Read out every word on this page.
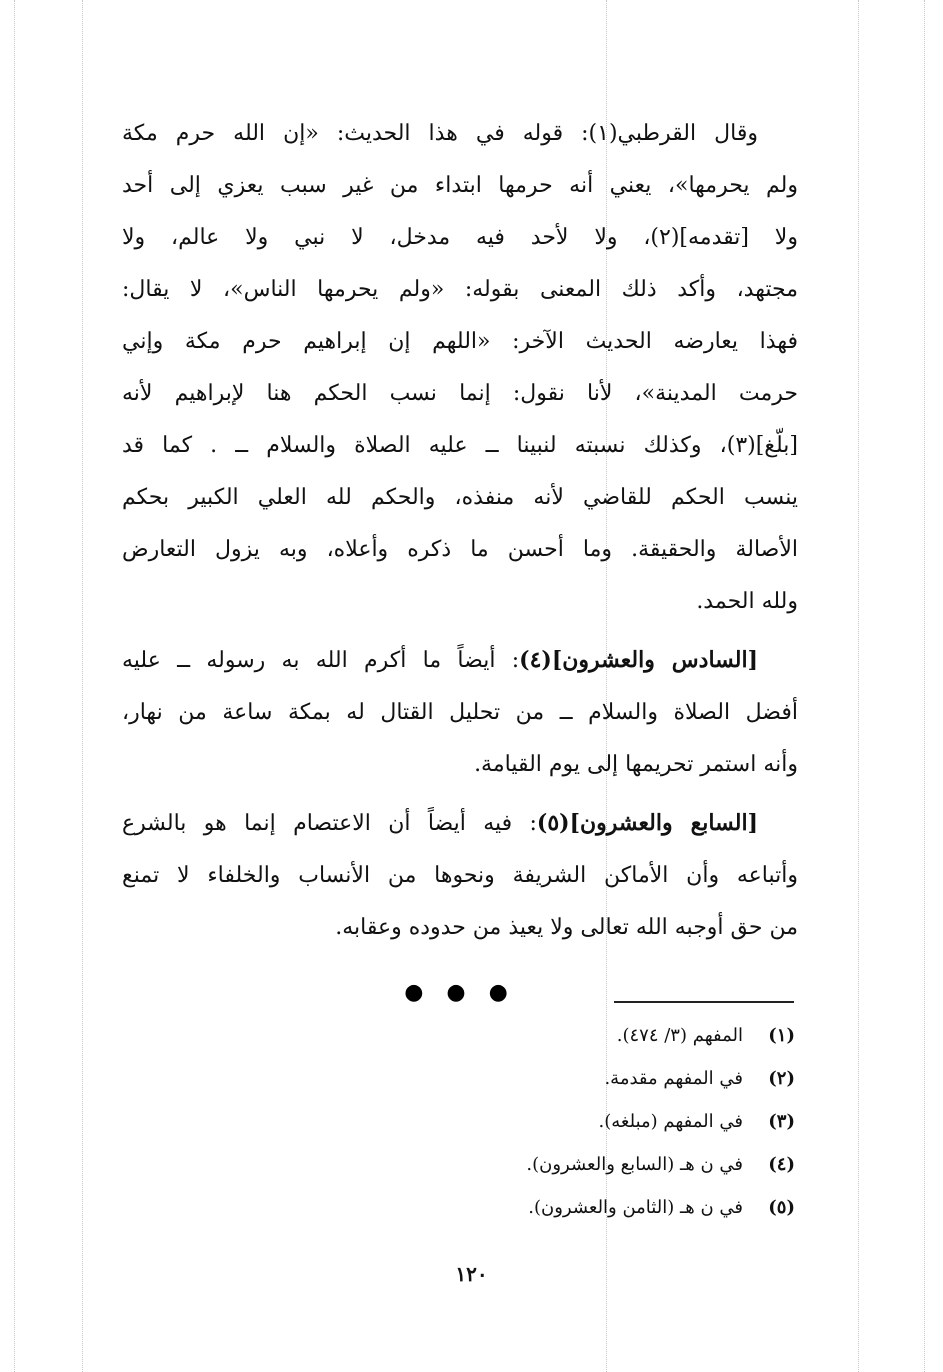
وقال القرطبي(١): قوله في هذا الحديث: «إن الله حرم مكة
ولم يحرمها»، يعني أنه حرمها ابتداء من غير سبب يعزي إلى أحد
ولا [تقدمه](٢)، ولا لأحد فيه مدخل، لا نبي ولا عالم، ولا
مجتهد، وأكد ذلك المعنى بقوله: «ولم يحرمها الناس»، لا يقال:
فهذا يعارضه الحديث الآخر: «اللهم إن إبراهيم حرم مكة وإني
حرمت المدينة»، لأنا نقول: إنما نسب الحكم هنا لإبراهيم لأنه
[بلّغ](٣)، وكذلك نسبته لنبينا ــ عليه الصلاة والسلام ــ . كما قد
ينسب الحكم للقاضي لأنه منفذه، والحكم لله العلي الكبير بحكم
الأصالة والحقيقة. وما أحسن ما ذكره وأعلاه، وبه يزول التعارض
ولله الحمد.

[السادس والعشرون](٤): أيضاً ما أكرم الله به رسوله ــ عليه
أفضل الصلاة والسلام ــ من تحليل القتال له بمكة ساعة من نهار،
وأنه استمر تحريمها إلى يوم القيامة.

[السابع والعشرون](٥): فيه أيضاً أن الاعتصام إنما هو بالشرع
وأتباعه وأن الأماكن الشريفة ونحوها من الأنساب والخلفاء لا تمنع
من حق أوجبه الله تعالى ولا يعيذ من حدوده وعقابه.

● ● ●
(١)المفهم (٣/ ٤٧٤).
(٢)في المفهم مقدمة.
(٣)في المفهم (مبلغه).
(٤)في ن هـ (السابع والعشرون).
(٥)في ن هـ (الثامن والعشرون).
١٢٠
